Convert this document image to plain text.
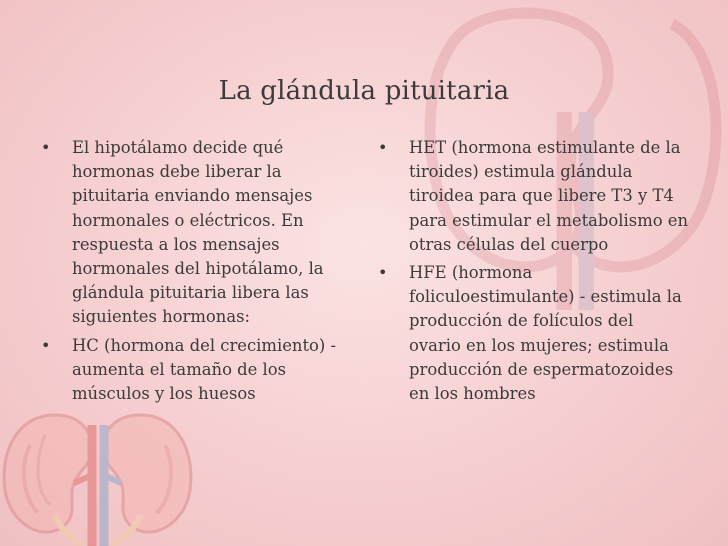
La glándula pituitaria
• El hipotálamo decide qué hormonas debe liberar la pituitaria enviando mensajes hormonales o eléctricos. En respuesta a los mensajes hormonales del hipotálamo, la glándula pituitaria libera las siguientes hormonas:
• HC (hormona del crecimiento) - aumenta el tamaño de los músculos y los huesos
• HET (hormona estimulante de la tiroides) estimula glándula tiroidea para que libere T3 y T4 para estimular el metabolismo en otras células del cuerpo
• HFE (hormona foliculoestimulante) - estimula la producción de folículos del ovario en los mujeres; estimula producción de espermatozoides en los hombres
